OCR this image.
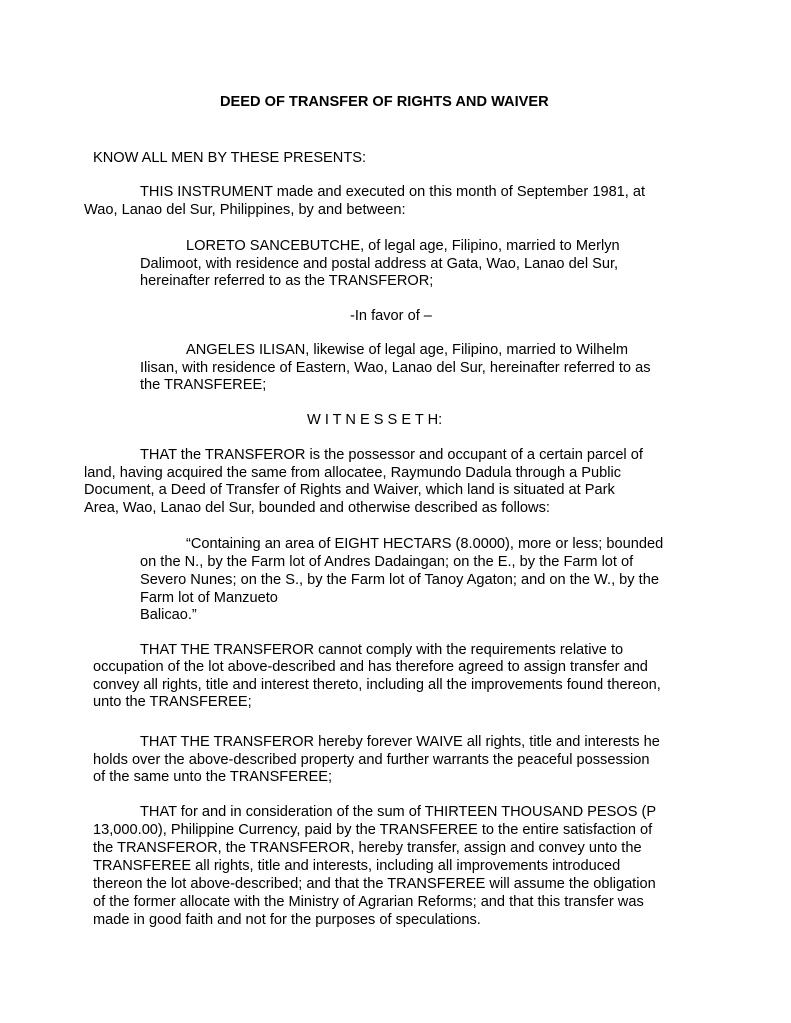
DEED OF TRANSFER OF RIGHTS AND WAIVER
KNOW ALL MEN BY THESE PRESENTS:
THIS INSTRUMENT made and executed on this month of September 1981, at
Wao, Lanao del Sur, Philippines, by and between:
LORETO SANCEBUTCHE, of legal age, Filipino, married to Merlyn
Dalimoot, with residence and postal address at Gata, Wao, Lanao del Sur,
hereinafter referred to as the TRANSFEROR;
-In favor of –
ANGELES ILISAN, likewise of legal age, Filipino, married to Wilhelm
Ilisan, with residence of Eastern, Wao, Lanao del Sur, hereinafter referred to as
the TRANSFEREE;
W I T N E S S E T H:
THAT the TRANSFEROR is the possessor and occupant of a certain parcel of
land, having acquired the same from allocatee, Raymundo Dadula through a Public
Document, a Deed of Transfer of Rights and Waiver, which land is situated at Park
Area, Wao, Lanao del Sur, bounded and otherwise described as follows:
“Containing an area of EIGHT HECTARS (8.0000), more or less; bounded
on the N., by the Farm lot of Andres Dadaingan; on the E., by the Farm lot of
Severo Nunes; on the S., by the Farm lot of Tanoy Agaton; and on the W., by the
Farm lot of Manzueto
Balicao.”
THAT THE TRANSFEROR cannot comply with the requirements relative to
occupation of the lot above-described and has therefore agreed to assign transfer and
convey all rights, title and interest thereto, including all the improvements found thereon,
unto the TRANSFEREE;
THAT THE TRANSFEROR hereby forever WAIVE all rights, title and interests he
holds over the above-described property and further warrants the peaceful possession
of the same unto the TRANSFEREE;
THAT for and in consideration of the sum of THIRTEEN THOUSAND PESOS (P
13,000.00), Philippine Currency, paid by the TRANSFEREE to the entire satisfaction of
the TRANSFEROR, the TRANSFEROR, hereby transfer, assign and convey unto the
TRANSFEREE all rights, title and interests, including all improvements introduced
thereon the lot above-described; and that the TRANSFEREE will assume the obligation
of the former allocate with the Ministry of Agrarian Reforms; and that this transfer was
made in good faith and not for the purposes of speculations.
